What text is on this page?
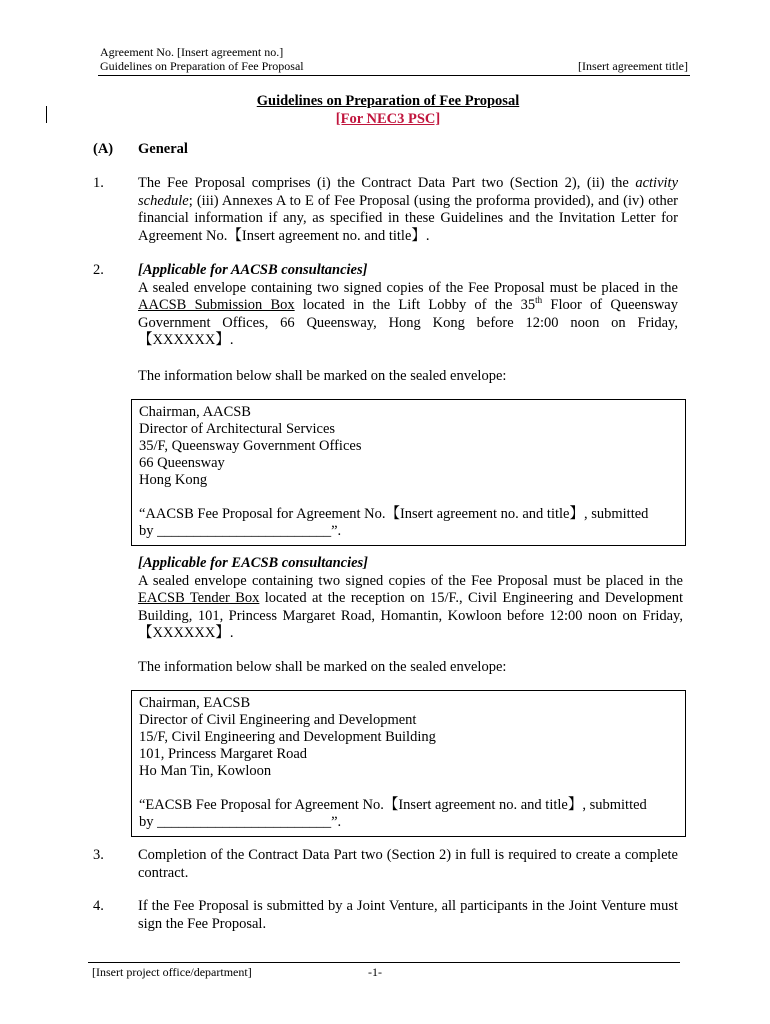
Agreement No. [Insert agreement no.]
Guidelines on Preparation of Fee Proposal	[Insert agreement title]
Guidelines on Preparation of Fee Proposal
[For NEC3 PSC]
(A) General
1. The Fee Proposal comprises (i) the Contract Data Part two (Section 2), (ii) the activity schedule; (iii) Annexes A to E of Fee Proposal (using the proforma provided), and (iv) other financial information if any, as specified in these Guidelines and the Invitation Letter for Agreement No.【Insert agreement no. and title】.

2. [Applicable for AACSB consultancies]

A sealed envelope containing two signed copies of the Fee Proposal must be placed in the AACSB Submission Box located in the Lift Lobby of the 35th Floor of Queensway Government Offices, 66 Queensway, Hong Kong before 12:00 noon on Friday,【XXXXXX】.

The information below shall be marked on the sealed envelope:

Chairman, AACSB
Director of Architectural Services
35/F, Queensway Government Offices
66 Queensway
Hong Kong
“AACSB Fee Proposal for Agreement No.【Insert agreement no. and title】, submitted
by ________________________”.

[Applicable for EACSB consultancies]

A sealed envelope containing two signed copies of the Fee Proposal must be placed in the EACSB Tender Box located at the reception on 15/F., Civil Engineering and Development Building, 101, Princess Margaret Road, Homantin, Kowloon before 12:00 noon on Friday,【XXXXXX】.

The information below shall be marked on the sealed envelope:

Chairman, EACSB
Director of Civil Engineering and Development
15/F, Civil Engineering and Development Building
101, Princess Margaret Road
Ho Man Tin, Kowloon
“EACSB Fee Proposal for Agreement No.【Insert agreement no. and title】, submitted
by ________________________”.
3. Completion of the Contract Data Part two (Section 2) in full is required to create a complete contract.

4. If the Fee Proposal is submitted by a Joint Venture, all participants in the Joint Venture must sign the Fee Proposal.

[Insert project office/department]	-1-
